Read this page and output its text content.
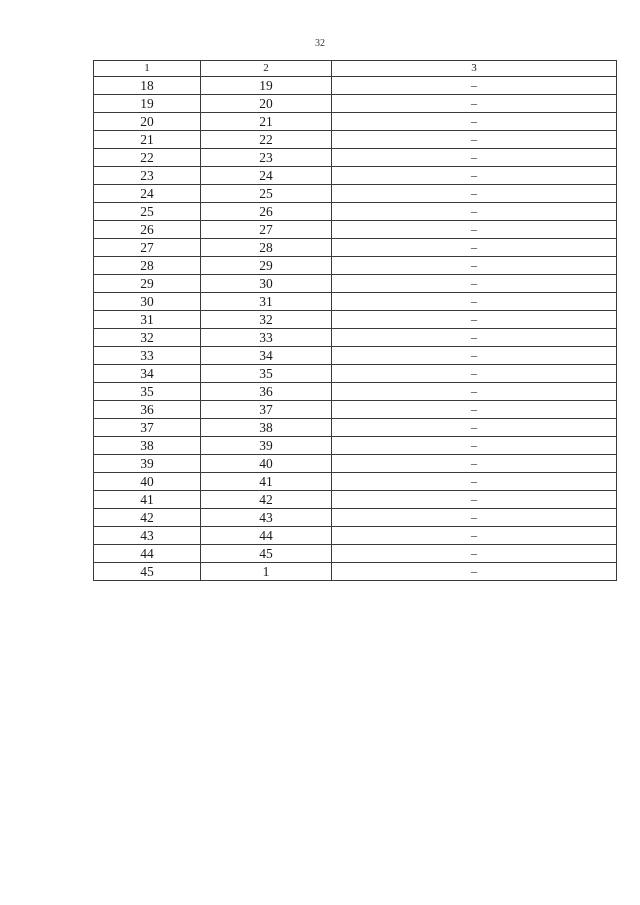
32
1	2	3
18	19	–
19	20	–
20	21	–
21	22	–
22	23	–
23	24	–
24	25	–
25	26	–
26	27	–
27	28	–
28	29	–
29	30	–
30	31	–
31	32	–
32	33	–
33	34	–
34	35	–
35	36	–
36	37	–
37	38	–
38	39	–
39	40	–
40	41	–
41	42	–
42	43	–
43	44	–
44	45	–
45	1	–
